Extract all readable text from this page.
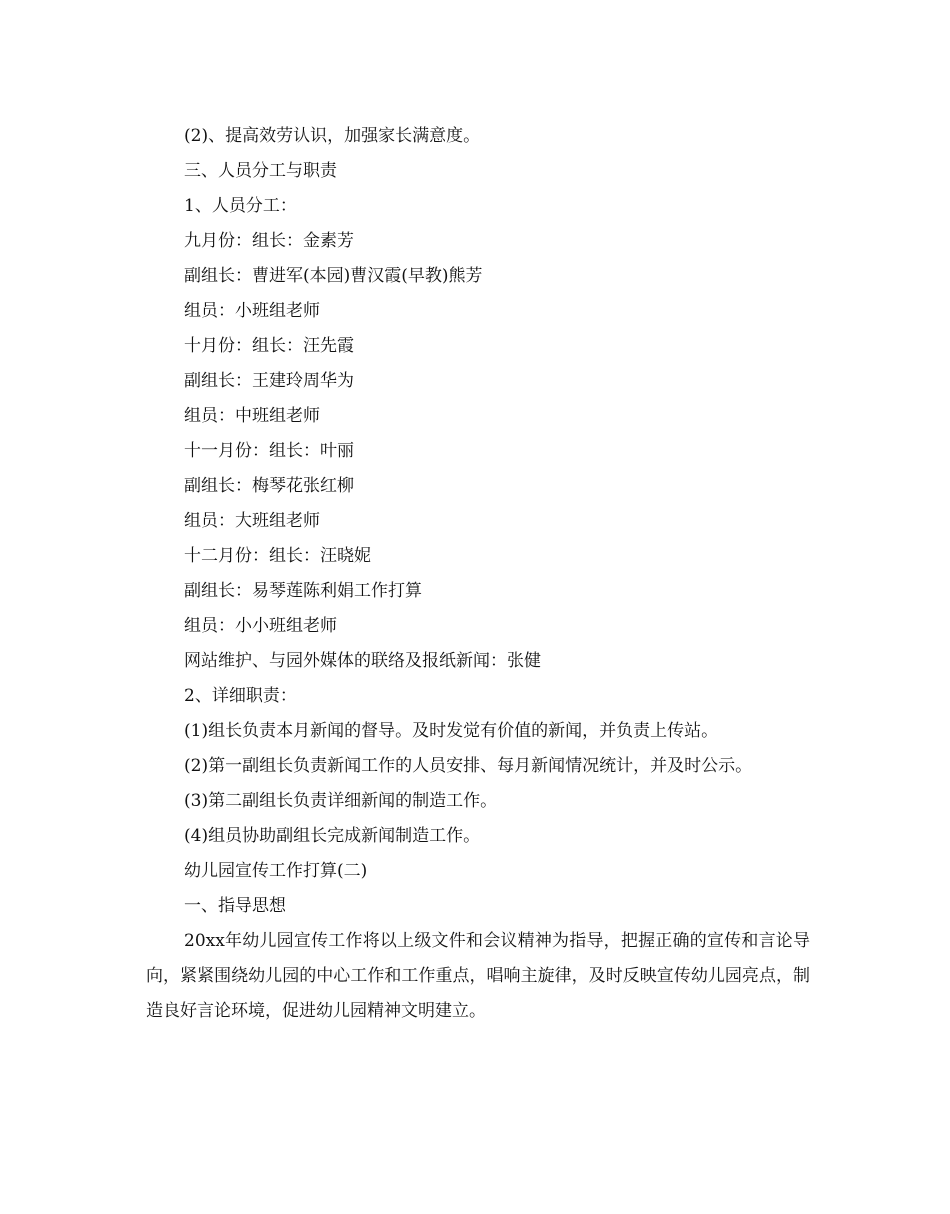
(2)、提高效劳认识，加强家长满意度。
三、人员分工与职责
1、人员分工：
九月份：组长：金素芳
副组长：曹进军(本园)曹汉霞(早教)熊芳
组员：小班组老师
十月份：组长：汪先霞
副组长：王建玲周华为
组员：中班组老师
十一月份：组长：叶丽
副组长：梅琴花张红柳
组员：大班组老师
十二月份：组长：汪晓妮
副组长：易琴莲陈利娟工作打算
组员：小小班组老师
网站维护、与园外媒体的联络及报纸新闻：张健
2、详细职责：
(1)组长负责本月新闻的督导。及时发觉有价值的新闻，并负责上传站。

(2)第一副组长负责新闻工作的人员安排、每月新闻情况统计，并及时公示。

(3)第二副组长负责详细新闻的制造工作。
(4)组员协助副组长完成新闻制造工作。
幼儿园宣传工作打算(二)
一、指导思想

20xx年幼儿园宣传工作将以上级文件和会议精神为指导，把握正确的宣传和言论导向，紧紧围绕幼儿园的中心工作和工作重点，唱响主旋律，及时反映宣传幼儿园亮点，制造良好言论环境，促进幼儿园精神文明建立。
